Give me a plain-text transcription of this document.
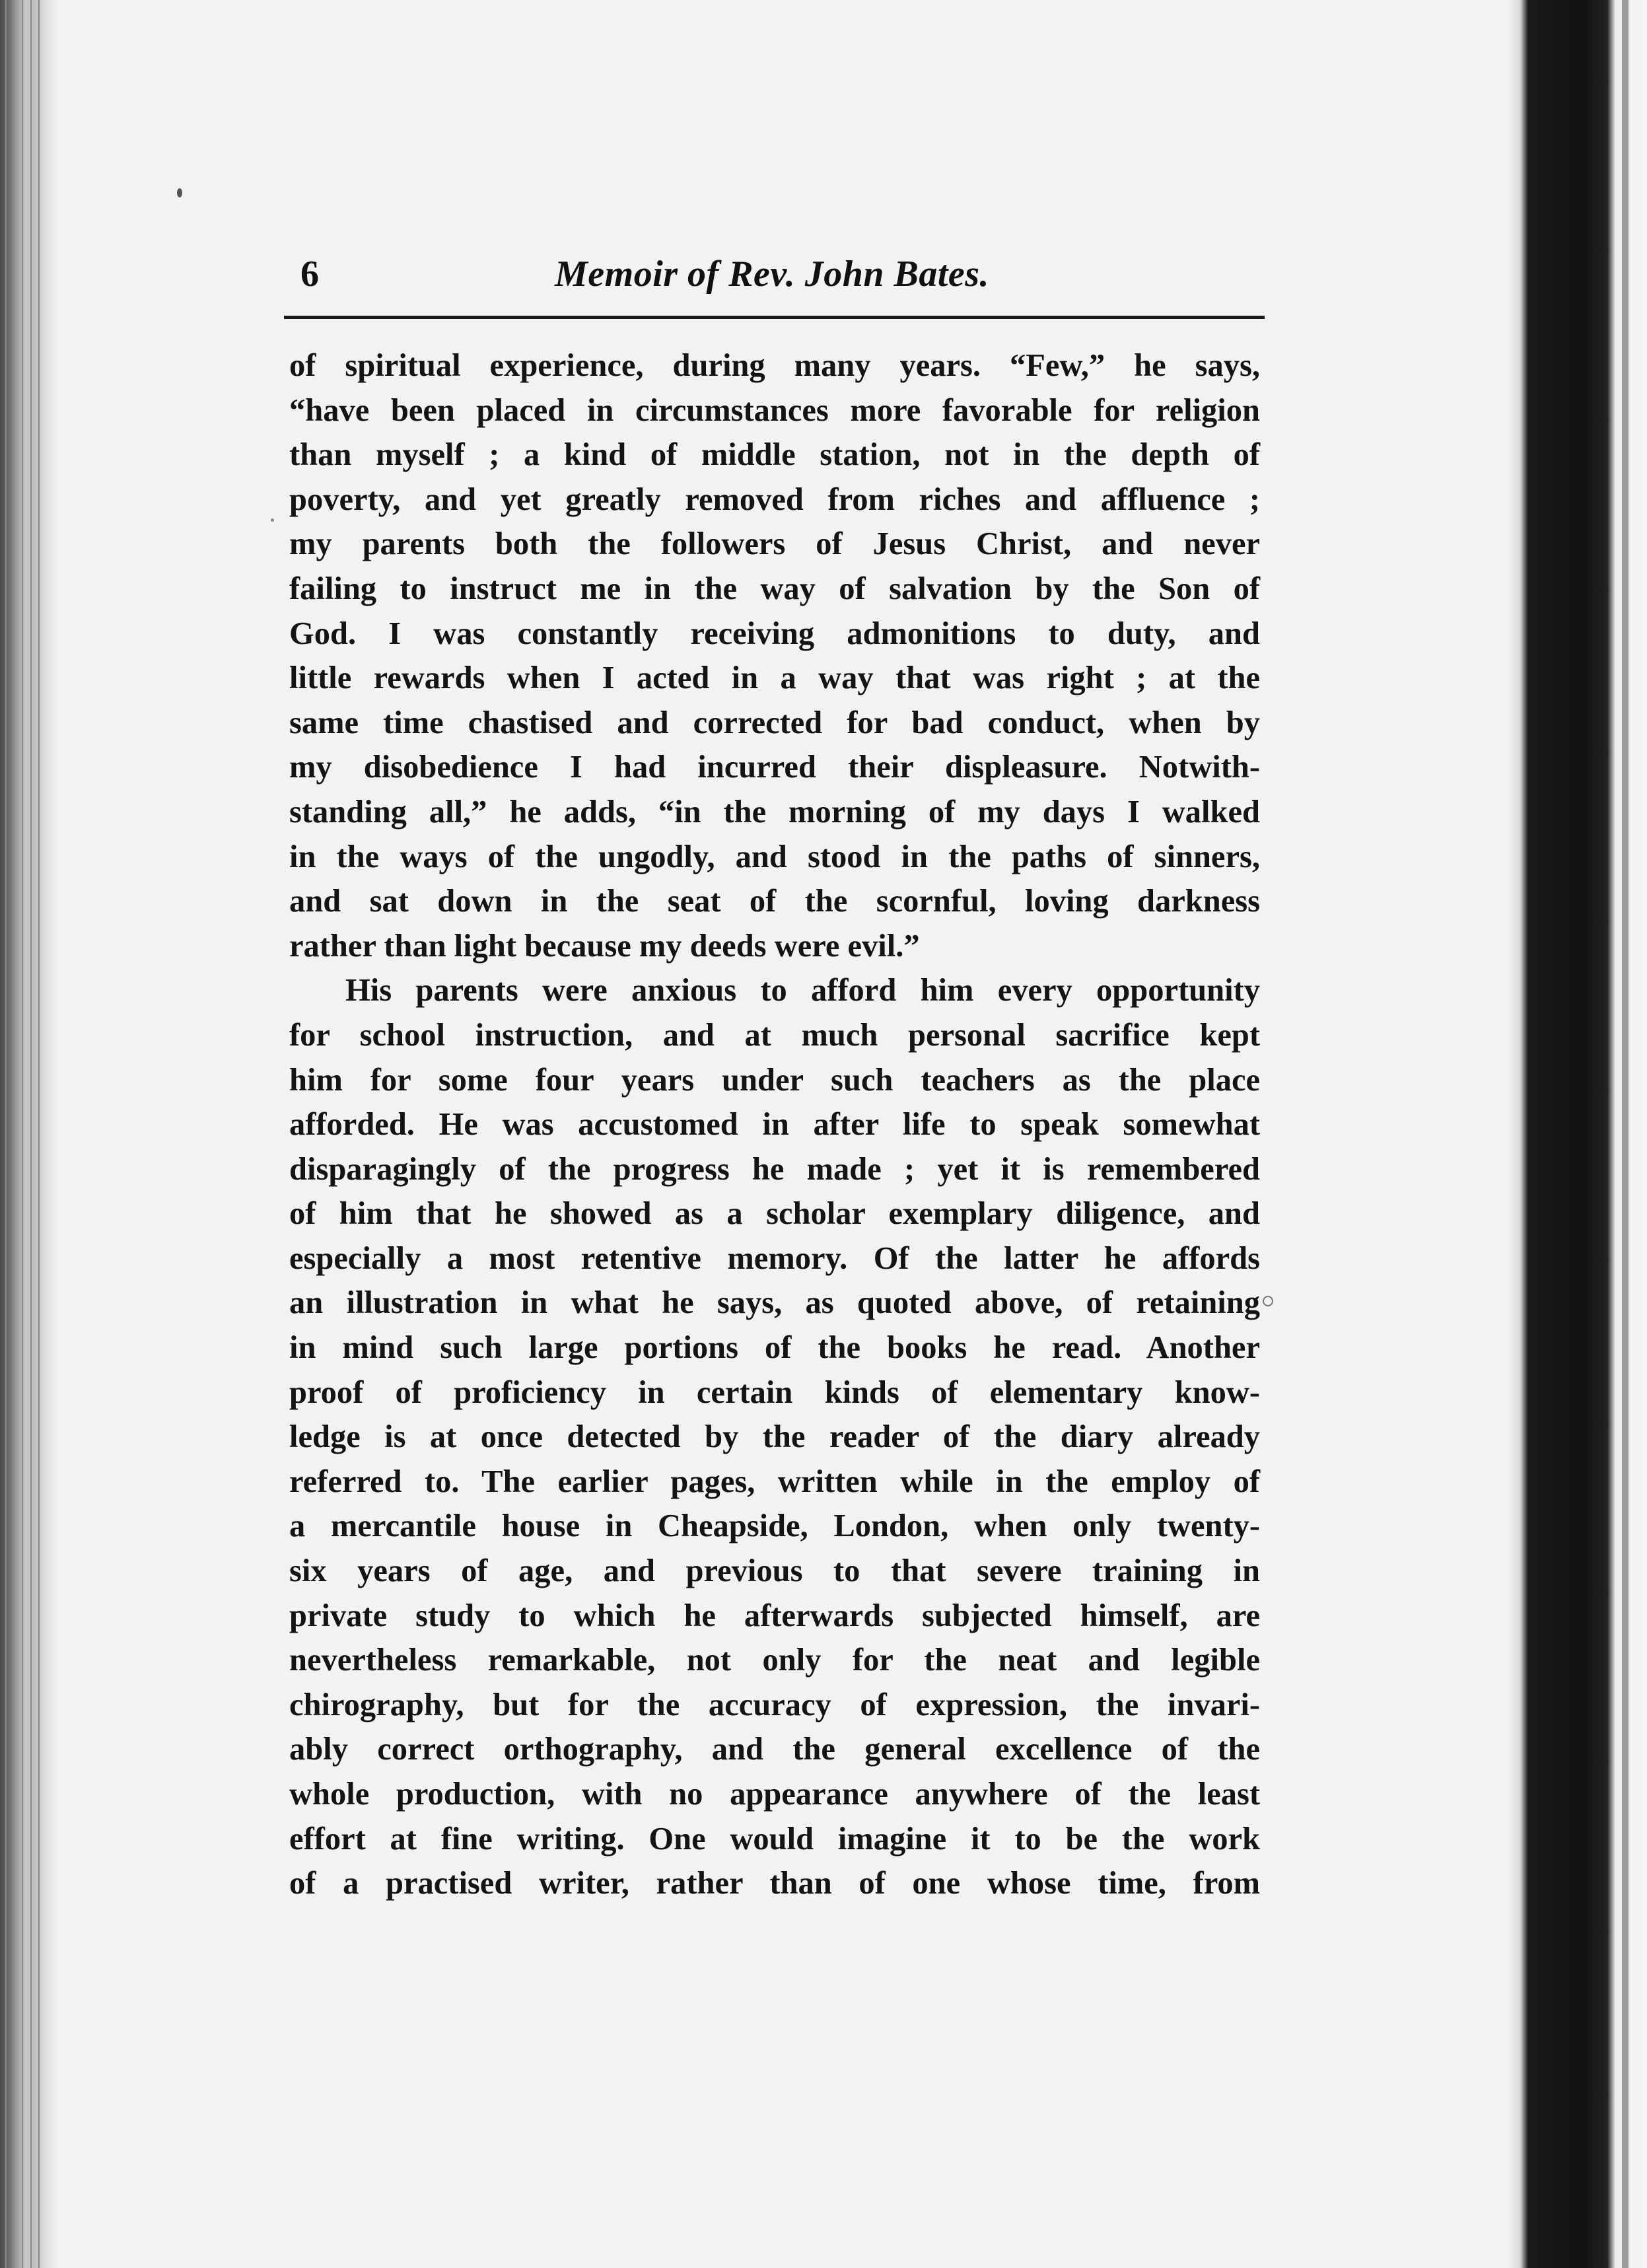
6	Memoir of Rev. John Bates.
of spiritual experience, during many years. “Few,” he says,
“have been placed in circumstances more favorable for religion
than myself ; a kind of middle station, not in the depth of
poverty, and yet greatly removed from riches and affluence ;
my parents both the followers of Jesus Christ, and never
failing to instruct me in the way of salvation by the Son of
God. I was constantly receiving admonitions to duty, and
little rewards when I acted in a way that was right ; at the
same time chastised and corrected for bad conduct, when by
my disobedience I had incurred their displeasure. Notwith-
standing all,” he adds, “in the morning of my days I walked
in the ways of the ungodly, and stood in the paths of sinners,
and sat down in the seat of the scornful, loving darkness
rather than light because my deeds were evil.”
His parents were anxious to afford him every opportunity
for school instruction, and at much personal sacrifice kept
him for some four years under such teachers as the place
afforded. He was accustomed in after life to speak somewhat
disparagingly of the progress he made ; yet it is remembered
of him that he showed as a scholar exemplary diligence, and
especially a most retentive memory. Of the latter he affords
an illustration in what he says, as quoted above, of retaining
in mind such large portions of the books he read. Another
proof of proficiency in certain kinds of elementary know-
ledge is at once detected by the reader of the diary already
referred to. The earlier pages, written while in the employ of
a mercantile house in Cheapside, London, when only twenty-
six years of age, and previous to that severe training in
private study to which he afterwards subjected himself, are
nevertheless remarkable, not only for the neat and legible
chirography, but for the accuracy of expression, the invari-
ably correct orthography, and the general excellence of the
whole production, with no appearance anywhere of the least
effort at fine writing. One would imagine it to be the work
of a practised writer, rather than of one whose time, from
